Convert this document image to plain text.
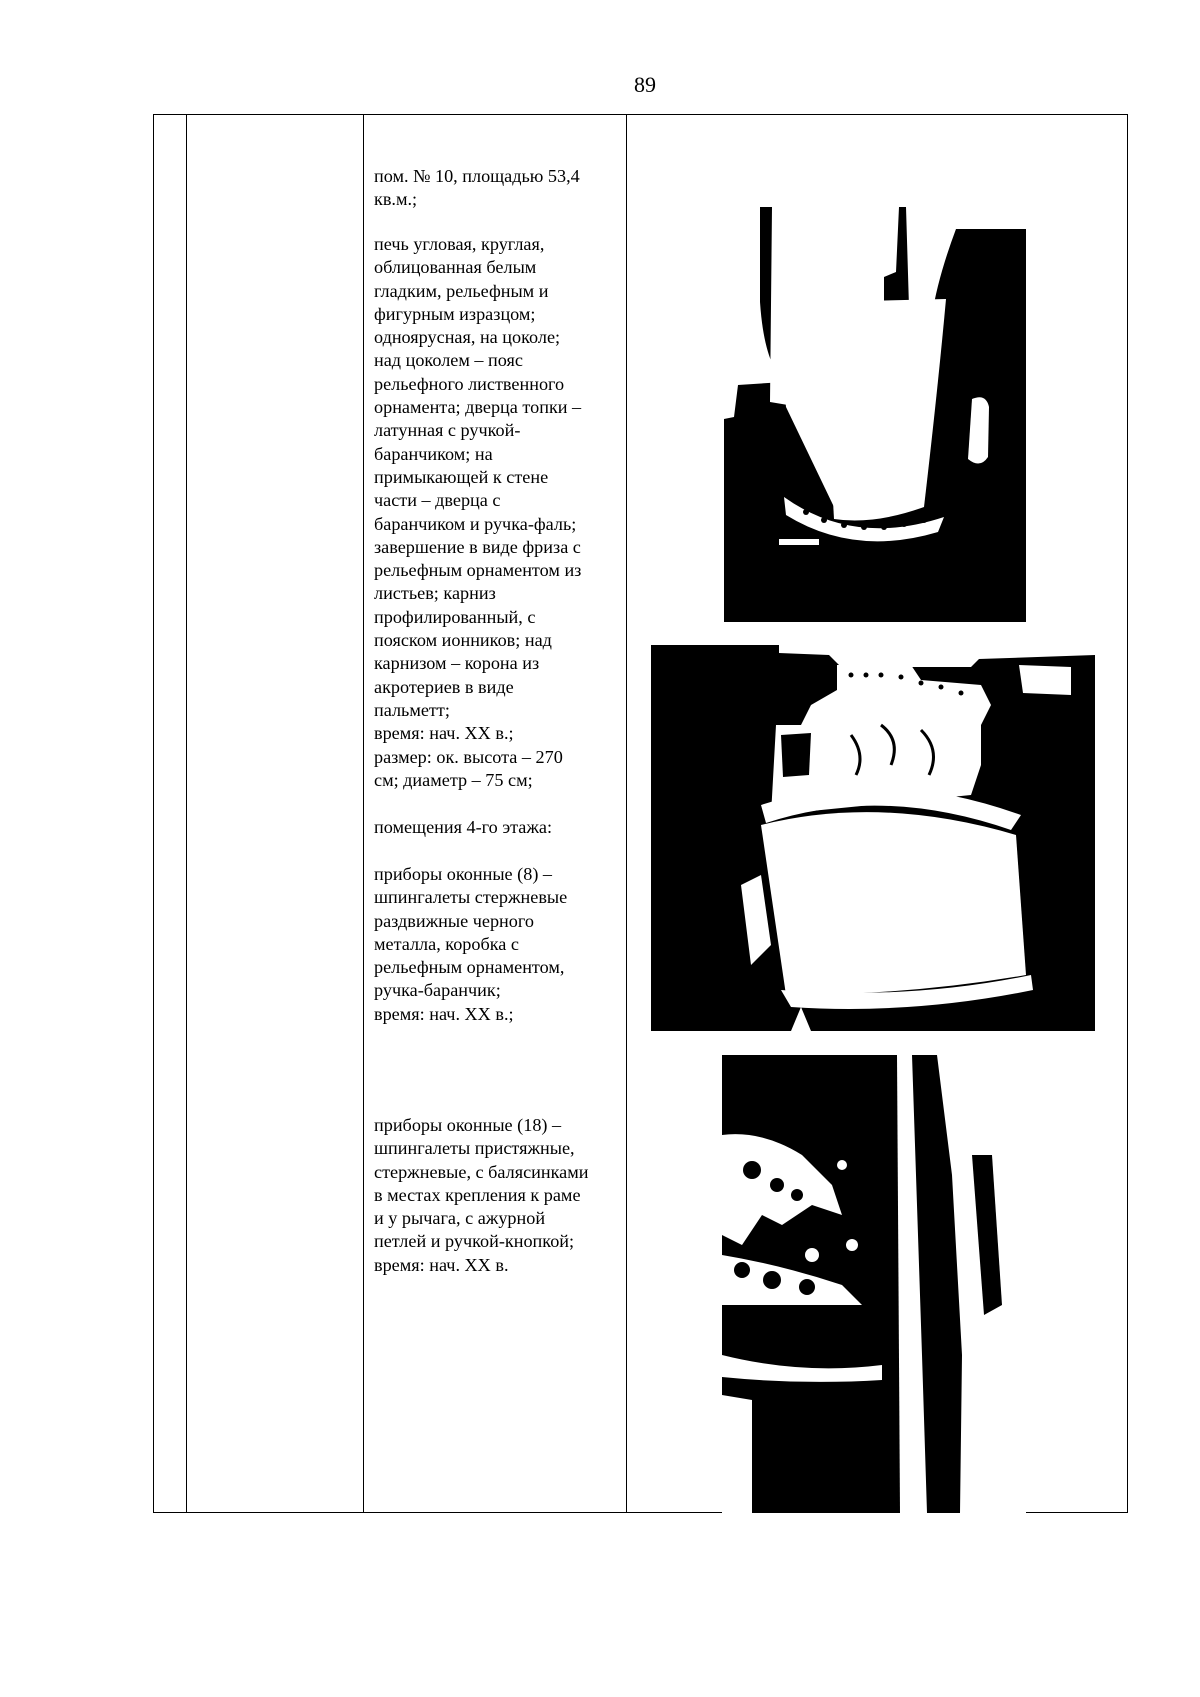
89

пом. № 10, площадью 53,4

кв.м.;

печь угловая, круглая,

облицованная белым

гладким, рельефным и

фигурным изразцом;

одноярусная, на цоколе;

над цоколем – пояс

рельефного лиственного

орнамента; дверца топки –

латунная с ручкой-

баранчиком; на

примыкающей к стене

части – дверца с

баранчиком и ручка-фаль;

завершение в виде фриза с

рельефным орнаментом из

листьев; карниз

профилированный, с

пояском ионников; над

карнизом – корона из

акротериев в виде

пальметт;

время: нач. XX в.;

размер: ок. высота – 270

см; диаметр – 75 см;

помещения 4-го этажа:

приборы оконные (8) –

шпингалеты стержневые

раздвижные черного

металла, коробка с

рельефным орнаментом,

ручка-баранчик;

время: нач. XX в.;

приборы оконные (18) –

шпингалеты пристяжные,

стержневые, с балясинками

в местах крепления к раме

и у рычага, с ажурной

петлей и ручкой-кнопкой;

время: нач. XX в.
